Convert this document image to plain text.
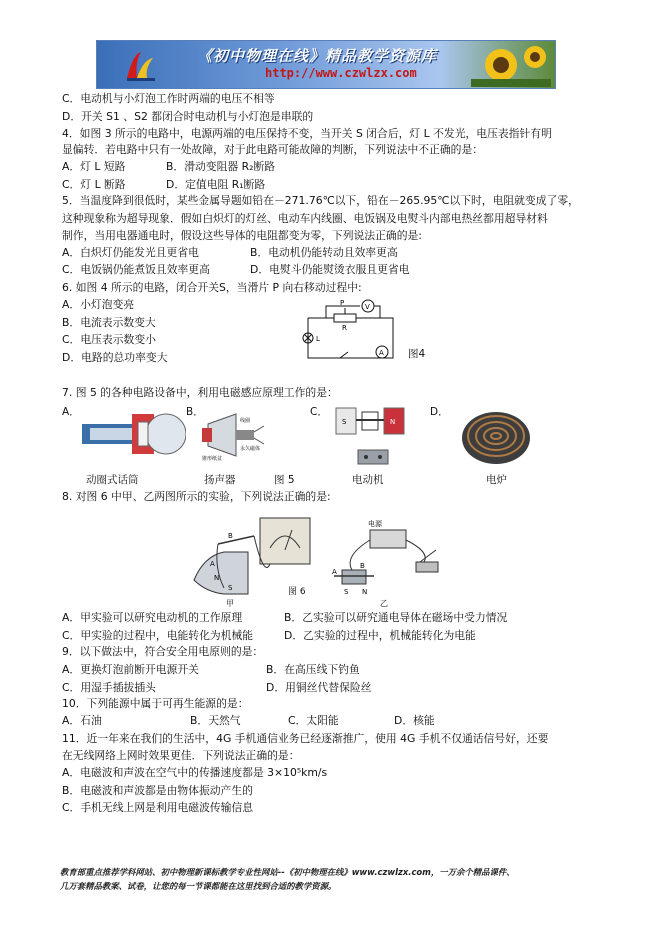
《初中物理在线》精品教学资源库
http://www.czwlzx.com
C．电动机与小灯泡工作时两端的电压不相等
D．开关 S1 、S2 都闭合时电动机与小灯泡是串联的
4．如图 3 所示的电路中，电源两端的电压保持不变，当开关 S 闭合后，灯 L 不发光，电压表指针有明
显偏转．若电路中只有一处故障，对于此电路可能故障的判断，下列说法中不正确的是：
A．灯 L 短路	B．滑动变阻器 R₂断路
C．灯 L 断路	D．定值电阻 R₁断路
5．当温度降到很低时，某些金属导题如铅在－271.76℃以下，铅在－265.95℃以下时，电阻就变成了零，
这种现象称为超导现象．假如白炽灯的灯丝、电动车内线圈、电饭锅及电熨斗内部电热丝都用超导材料
制作，当用电器通电时，假设这些导体的电阻都变为零，下列说法正确的是:
A．白炽灯仍能发光且更省电	B．电动机仍能转动且效率更高
C．电饭锅仍能煮饭且效率更高	D．电熨斗仍能熨烫衣服且更省电
6. 如图 4 所示的电路，闭合开关S，当滑片 P 向右移动过程中:
A．小灯泡变亮
B．电流表示数变大
C．电压表示数变小
D．电路的总功率变大
P
R
V
A
L
图4
7. 图 5 的各种电路设备中，利用电磁感应原理工作的是：
A．	B．	C．	D．
线圈
永久磁体
锥形纸盆
S	N
动圈式话筒	扬声器	图 5	电动机	电炉
8. 对图 6 中甲、乙两图所示的实验，下列说法正确的是:
B
A
N
S
电源
B
A
S N
图 6
甲	乙
A．甲实验可以研究电动机的工作原理	B．乙实验可以研究通电导体在磁场中受力情况
C．甲实验的过程中，电能转化为机械能	D．乙实验的过程中，机械能转化为电能
9．以下做法中，符合安全用电原则的是：
A．更换灯泡前断开电源开关	B．在高压线下钓鱼
C．用湿手插拔插头	D．用铜丝代替保险丝
10．下列能源中属于可再生能源的是：
A．石油	B．天然气	C．太阳能	D．核能
11．近一年来在我们的生活中，4G 手机通信业务已经逐渐推广，使用 4G 手机不仅通话信号好，还要
在无线网络上网时效果更佳．下列说法正确的是：
A．电磁波和声波在空气中的传播速度都是 3×10⁵km/s
B．电磁波和声波都是由物体振动产生的
C．手机无线上网是利用电磁波传输信息
教育部重点推荐学科网站、初中物理新课标教学专业性网站--《初中物理在线》www.czwlzx.com，一万余个精品课件、
几万套精品教案、试卷，让您的每一节课都能在这里找到合适的教学资源。
